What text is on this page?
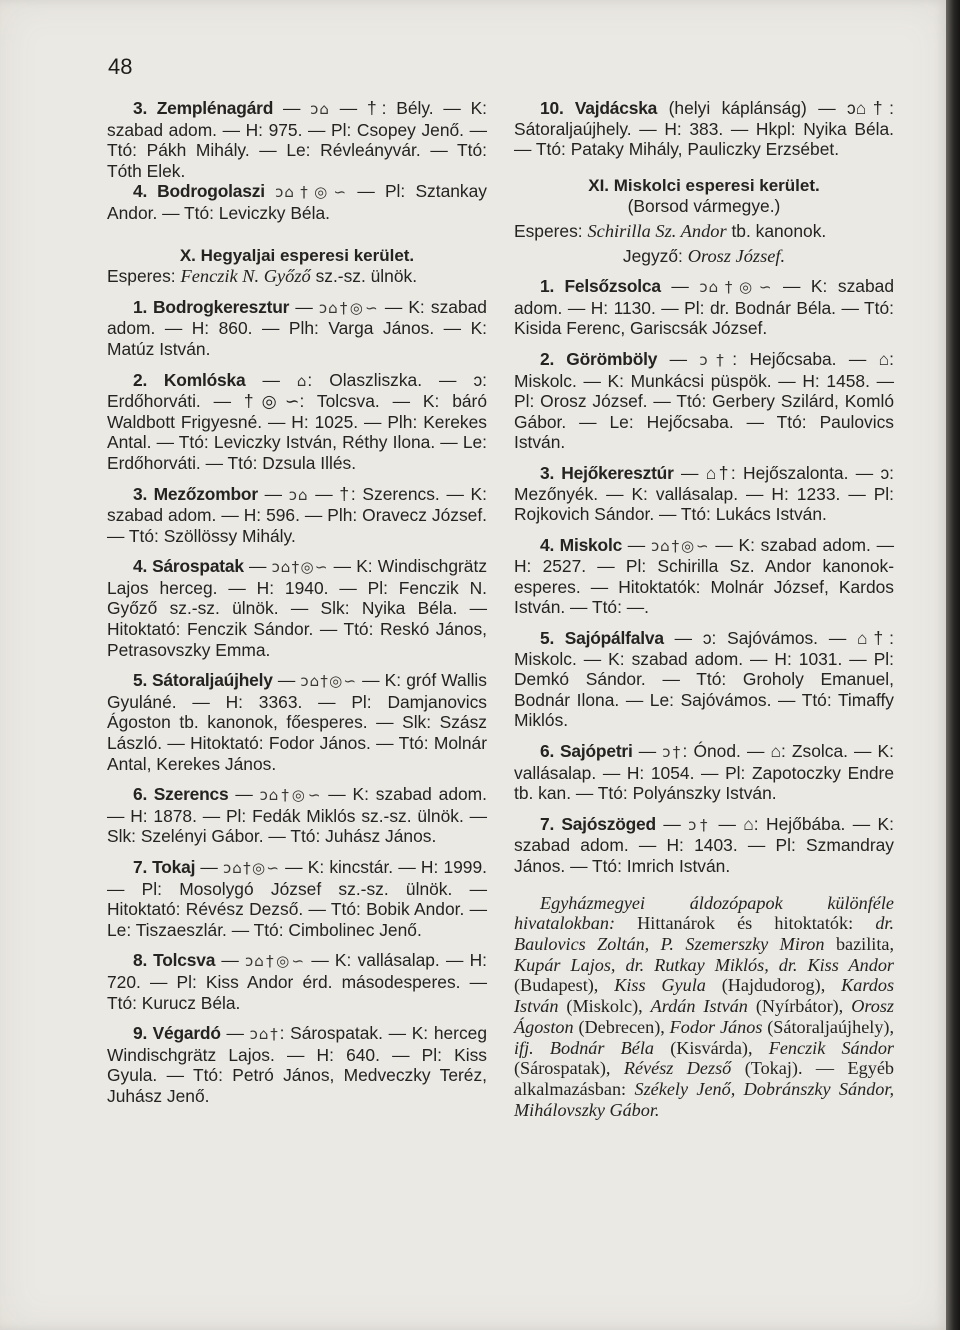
48

3. Zemplénagárd — ↄ⌂ — †: Bély. — K: szabad adom. — H: 975. — Pl: Csopey Jenő. — Ttó: Pákh Mihály. — Le: Révleányvár. — Ttó: Tóth Elek.

4. Bodrogolaszi ↄ⌂†◎∽ — Pl: Sztankay Andor. — Ttó: Leviczky Béla.

X. Hegyaljai esperesi kerület.

Esperes: Fenczik N. Győző sz.-sz. ülnök.

1. Bodrogkeresztur — ↄ⌂†◎∽ — K: szabad adom. — H: 860. — Plh: Varga János. — K: Matúz István.

2. Komlóska — ⌂: Olaszliszka. — ↄ: Erdőhorváti. — †◎∽: Tolcsva. — K: báró Waldbott Frigyesné. — H: 1025. — Plh: Kerekes Antal. — Ttó: Leviczky István, Réthy Ilona. — Le: Erdőhorváti. — Ttó: Dzsula Illés.

3. Mezőzombor — ↄ⌂ — †: Szerencs. — K: szabad adom. — H: 596. — Plh: Oravecz József. — Ttó: Szöllössy Mihály.

4. Sárospatak — ↄ⌂†◎∽ — K: Windischgrätz Lajos herceg. — H: 1940. — Pl: Fenczik N. Győző sz.-sz. ülnök. — Slk: Nyika Béla. — Hitoktató: Fenczik Sándor. — Ttó: Reskó János, Petrasovszky Emma.

5. Sátoraljaújhely — ↄ⌂†◎∽ — K: gróf Wallis Gyuláné. — H: 3363. — Pl: Damjanovics Ágoston tb. kanonok, főesperes. — Slk: Szász László. — Hitoktató: Fodor János. — Ttó: Molnár Antal, Kerekes János.

6. Szerencs — ↄ⌂†◎∽ — K: szabad adom. — H: 1878. — Pl: Fedák Miklós sz.-sz. ülnök. — Slk: Szelényi Gábor. — Ttó: Juhász János.

7. Tokaj — ↄ⌂†◎∽ — K: kincstár. — H: 1999. — Pl: Mosolygó József sz.-sz. ülnök. — Hitoktató: Révész Dezső. — Ttó: Bobik Andor. — Le: Tiszaeszlár. — Ttó: Cimbolinec Jenő.

8. Tolcsva — ↄ⌂†◎∽ — K: vallásalap. — H: 720. — Pl: Kiss Andor érd. másodesperes. — Ttó: Kurucz Béla.

9. Végardó — ↄ⌂†: Sárospatak. — K: herceg Windischgrätz Lajos. — H: 640. — Pl: Kiss Gyula. — Ttó: Petró János, Medveczky Teréz, Juhász Jenő.

10. Vajdácska (helyi káplánság) — ↄ⌂†: Sátoraljaújhely. — H: 383. — Hkpl: Nyika Béla. — Ttó: Pataky Mihály, Pauliczky Erzsébet.

XI. Miskolci esperesi kerület.

(Borsod vármegye.)

Esperes: Schirilla Sz. Andor tb. kanonok.

Jegyző: Orosz József.

1. Felsőzsolca — ↄ⌂†◎∽ — K: szabad adom. — H: 1130. — Pl: dr. Bodnár Béla. — Ttó: Kisida Ferenc, Gariscsák József.

2. Görömböly — ↄ†: Hejőcsaba. — ⌂: Miskolc. — K: Munkácsi püspök. — H: 1458. — Pl: Orosz József. — Ttó: Gerbery Szilárd, Komló Gábor. — Le: Hejőcsaba. — Ttó: Paulovics István.

3. Hejőkeresztúr — ⌂†: Hejőszalonta. — ↄ: Mezőnyék. — K: vallásalap. — H: 1233. — Pl: Rojkovich Sándor. — Ttó: Lukács István.

4. Miskolc — ↄ⌂†◎∽ — K: szabad adom. — H: 2527. — Pl: Schirilla Sz. Andor kanonok-esperes. — Hitoktatók: Molnár József, Kardos István. — Ttó: —.

5. Sajópálfalva — ↄ: Sajóvámos. — ⌂†: Miskolc. — K: szabad adom. — H: 1031. — Pl: Demkó Sándor. — Ttó: Groholy Emanuel, Bodnár Ilona. — Le: Sajóvámos. — Ttó: Timaffy Miklós.

6. Sajópetri — ↄ†: Ónod. — ⌂: Zsolca. — K: vallásalap. — H: 1054. — Pl: Zapotoczky Endre tb. kan. — Ttó: Polyánszky István.

7. Sajószöged — ↄ† — ⌂: Hejőbába. — K: szabad adom. — H: 1403. — Pl: Szmandray János. — Ttó: Imrich István.

Egyházmegyei áldozópapok különféle hivatalokban: Hittanárok és hitoktatók: dr. Baulovics Zoltán, P. Szemerszky Miron bazilita, Kupár Lajos, dr. Rutkay Miklós, dr. Kiss Andor (Budapest), Kiss Gyula (Hajdudorog), Kardos István (Miskolc), Ardán István (Nyírbátor), Orosz Ágoston (Debrecen), Fodor János (Sátoraljaújhely), ifj. Bodnár Béla (Kisvárda), Fenczik Sándor (Sárospatak), Révész Dezső (Tokaj). — Egyéb alkalmazásban: Székely Jenő, Dobránszky Sándor, Mihálovszky Gábor.
